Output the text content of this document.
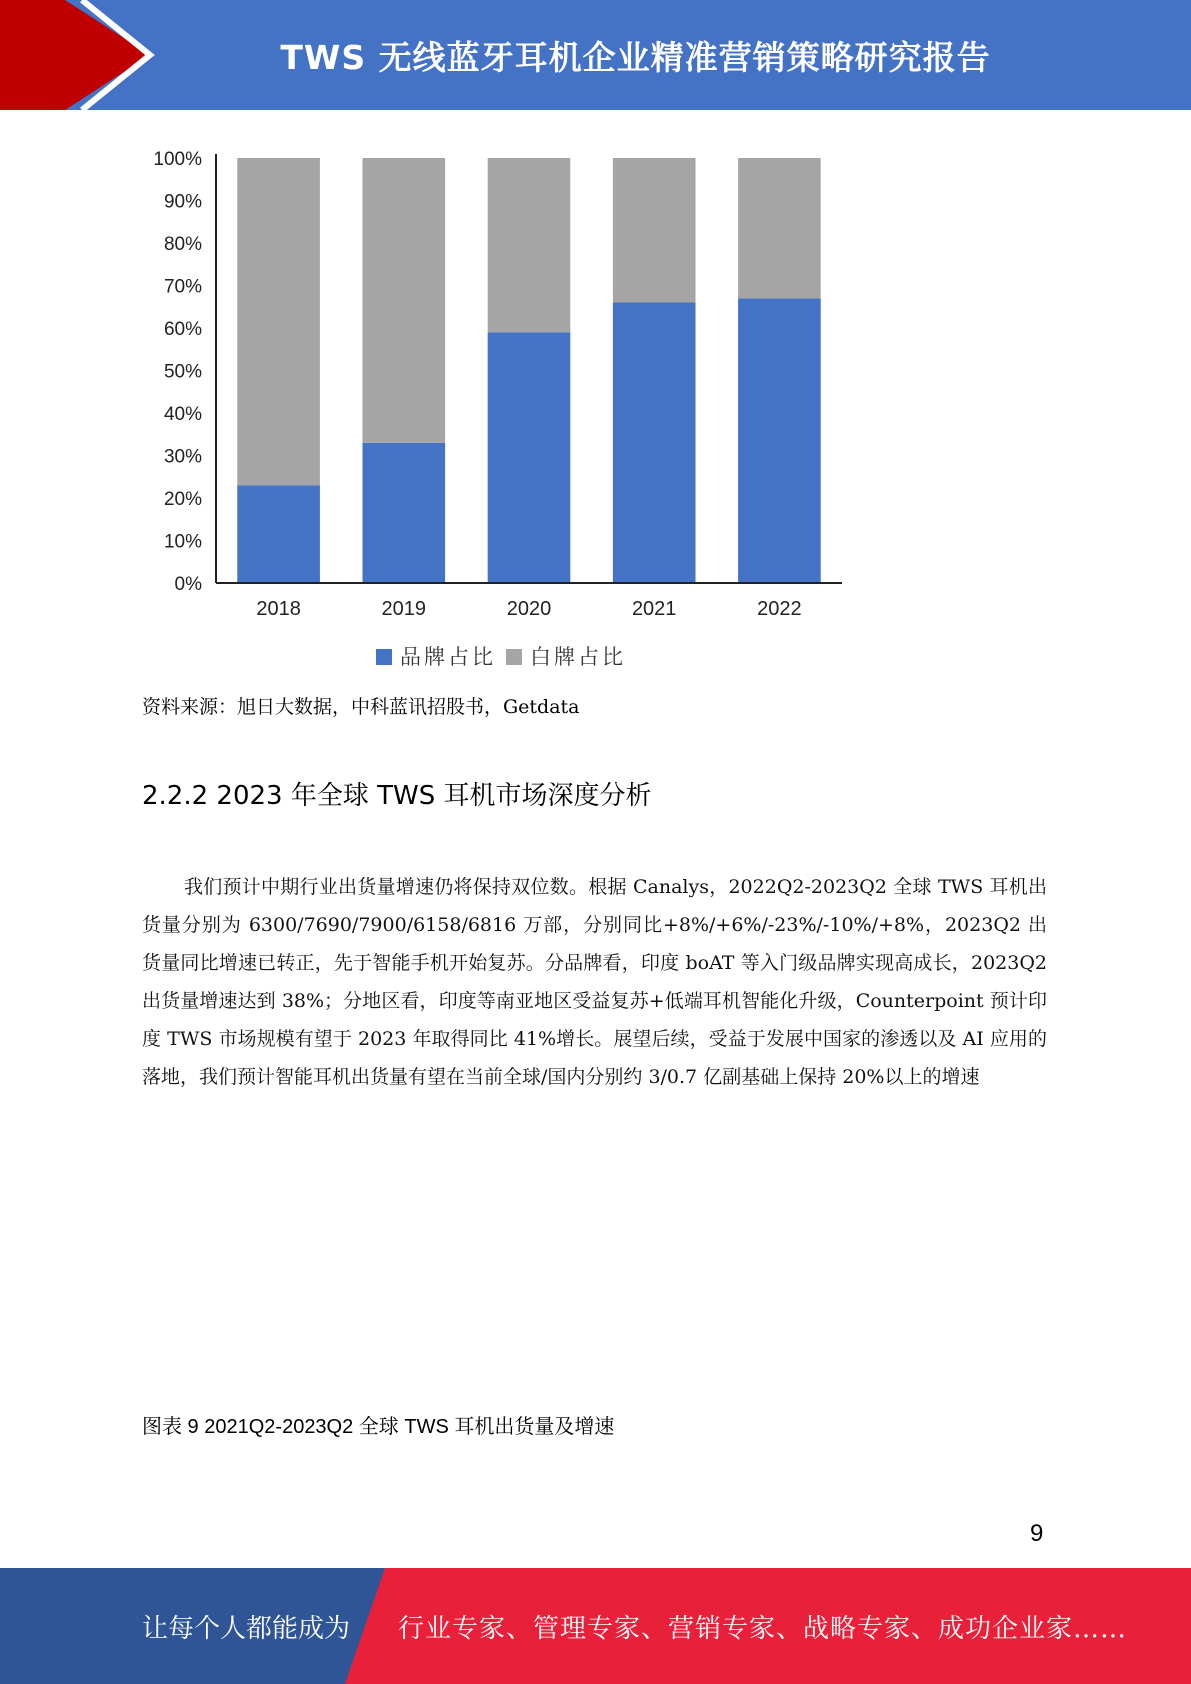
TWS 无线蓝牙耳机企业精准营销策略研究报告
0%
10%
20%
30%
40%
50%
60%
70%
80%
90%
100%
2018	2019	2020	2021	2022
品牌占比 白牌占比
资料来源：旭日大数据，中科蓝讯招股书，Getdata
2.2.2 2023 年全球 TWS 耳机市场深度分析
我们预计中期行业出货量增速仍将保持双位数。根据 Canalys，2022Q2-2023Q2 全球 TWS 耳机出货量分别为 6300/7690/7900/6158/6816 万部，分别同比+8%/+6%/-23%/-10%/+8%，2023Q2 出货量同比增速已转正，先于智能手机开始复苏。分品牌看，印度 boAT 等入门级品牌实现高成长，2023Q2 出货量增速达到 38%；分地区看，印度等南亚地区受益复苏+低端耳机智能化升级，Counterpoint 预计印度 TWS 市场规模有望于 2023 年取得同比 41%增长。展望后续，受益于发展中国家的渗透以及 AI 应用的落地，我们预计智能耳机出货量有望在当前全球/国内分别约 3/0.7 亿副基础上保持 20%以上的增速
图表 9 2021Q2-2023Q2 全球 TWS 耳机出货量及增速
9
让每个人都能成为 行业专家、管理专家、营销专家、战略专家、成功企业家……
